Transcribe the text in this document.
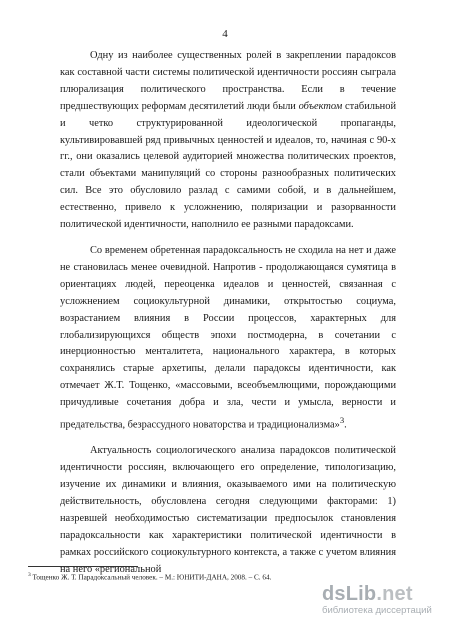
4

Одну из наиболее существенных ролей в закреплении парадоксов как составной части системы политической идентичности россиян сыграла плюрализация политического пространства. Если в течение предшествующих реформам десятилетий люди были объектом стабильной и четко структурированной идеологической пропаганды, культивировавшей ряд привычных ценностей и идеалов, то, начиная с 90-х гг., они оказались целевой аудиторией множества политических проектов, стали объектами манипуляций со стороны разнообразных политических сил. Все это обусловило разлад с самими собой, и в дальнейшем, естественно, привело к усложнению, поляризации и разорванности политической идентичности, наполнило ее разными парадоксами.

Со временем обретенная парадоксальность не сходила на нет и даже не становилась менее очевидной. Напротив - продолжающаяся сумятица в ориентациях людей, переоценка идеалов и ценностей, связанная с усложнением социокультурной динамики, открытостью социума, возрастанием влияния в России процессов, характерных для глобализирующихся обществ эпохи постмодерна, в сочетании с инерционностью менталитета, национального характера, в которых сохранялись старые архетипы, делали парадоксы идентичности, как отмечает Ж.Т. Тощенко, «массовыми, всеобъемлющими, порождающими причудливые сочетания добра и зла, чести и умысла, верности и предательства, безрассудного новаторства и традиционализма»$^3$.

Актуальность социологического анализа парадоксов политической идентичности россиян, включающего его определение, типологизацию, изучение их динамики и влияния, оказываемого ими на политическую действительность, обусловлена сегодня следующими факторами: 1) назревшей необходимостью систематизации предпосылок становления парадоксальности как характеристики политической идентичности в рамках российского социокультурного контекста, а также с учетом влияния на него «региональной

$^3$ Тощенко Ж. Т. Парадоксальный человек. – М.: ЮНИТИ-ДАНА, 2008. – С. 64.
dsLib.net
библиотека диссертаций
